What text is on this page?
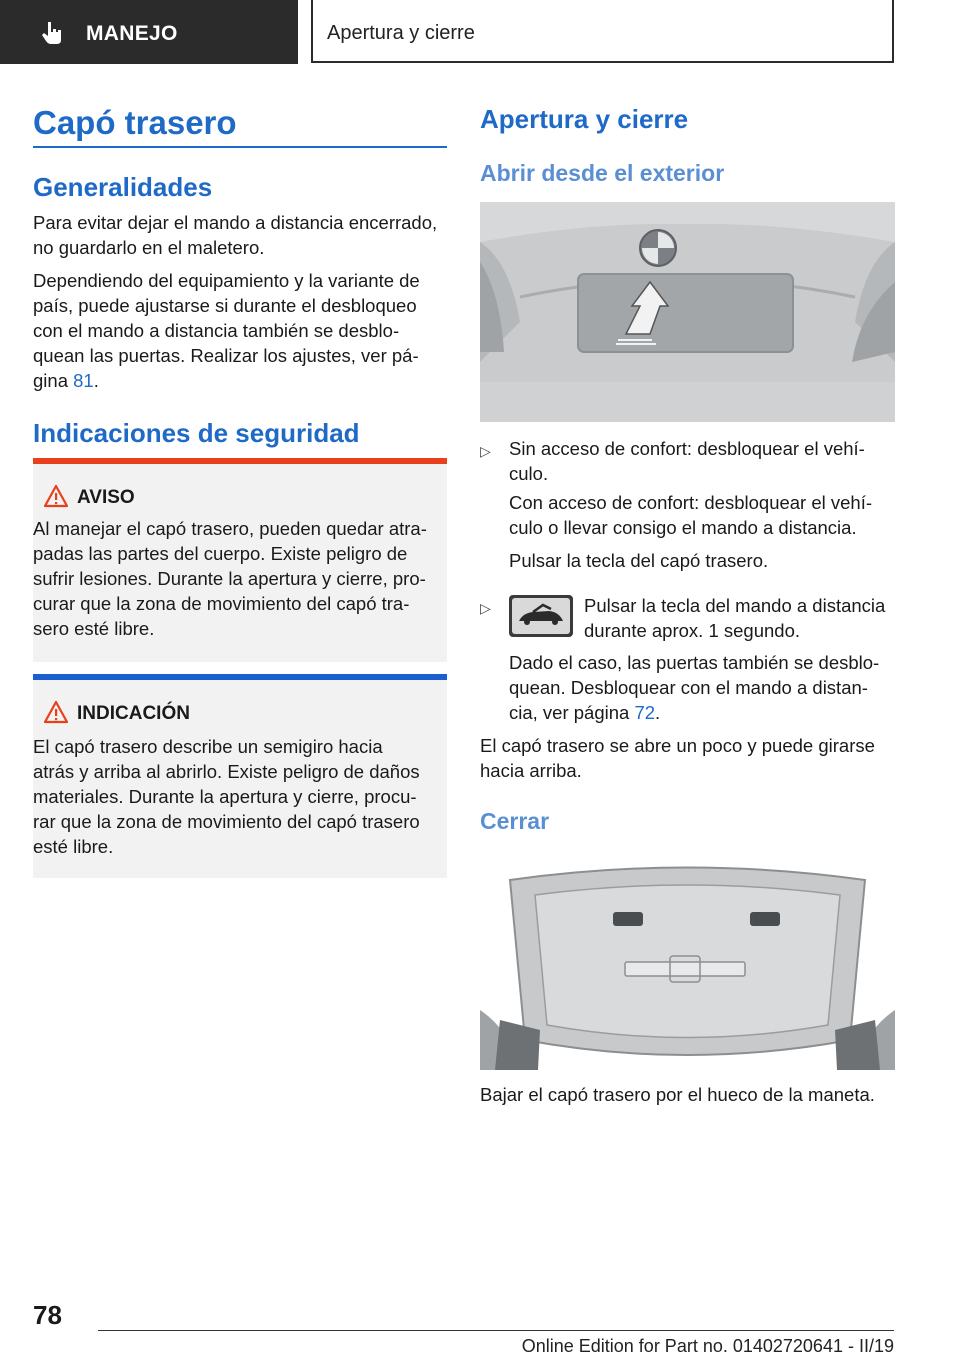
MANEJO	Apertura y cierre
Capó trasero
Generalidades
Para evitar dejar el mando a distancia encerrado,
no guardarlo en el maletero.
Dependiendo del equipamiento y la variante de
país, puede ajustarse si durante el desbloqueo
con el mando a distancia también se desblo‐
quean las puertas. Realizar los ajustes, ver pá‐
gina 81.
Indicaciones de seguridad
AVISO
Al manejar el capó trasero, pueden quedar atra‐
padas las partes del cuerpo. Existe peligro de
sufrir lesiones. Durante la apertura y cierre, pro‐
curar que la zona de movimiento del capó tra‐
sero esté libre.
INDICACIÓN
El capó trasero describe un semigiro hacia
atrás y arriba al abrirlo. Existe peligro de daños
materiales. Durante la apertura y cierre, procu‐
rar que la zona de movimiento del capó trasero
esté libre.
Apertura y cierre
Abrir desde el exterior
▷ Sin acceso de confort: desbloquear el vehí‐
culo.
Con acceso de confort: desbloquear el vehí‐
culo o llevar consigo el mando a distancia.
Pulsar la tecla del capó trasero.
▷	Pulsar la tecla del mando a distancia
durante aprox. 1 segundo.
Dado el caso, las puertas también se desblo‐
quean. Desbloquear con el mando a distan‐
cia, ver página 72.
El capó trasero se abre un poco y puede girarse
hacia arriba.
Cerrar
Bajar el capó trasero por el hueco de la maneta.
78
Online Edition for Part no. 01402720641 - II/19
